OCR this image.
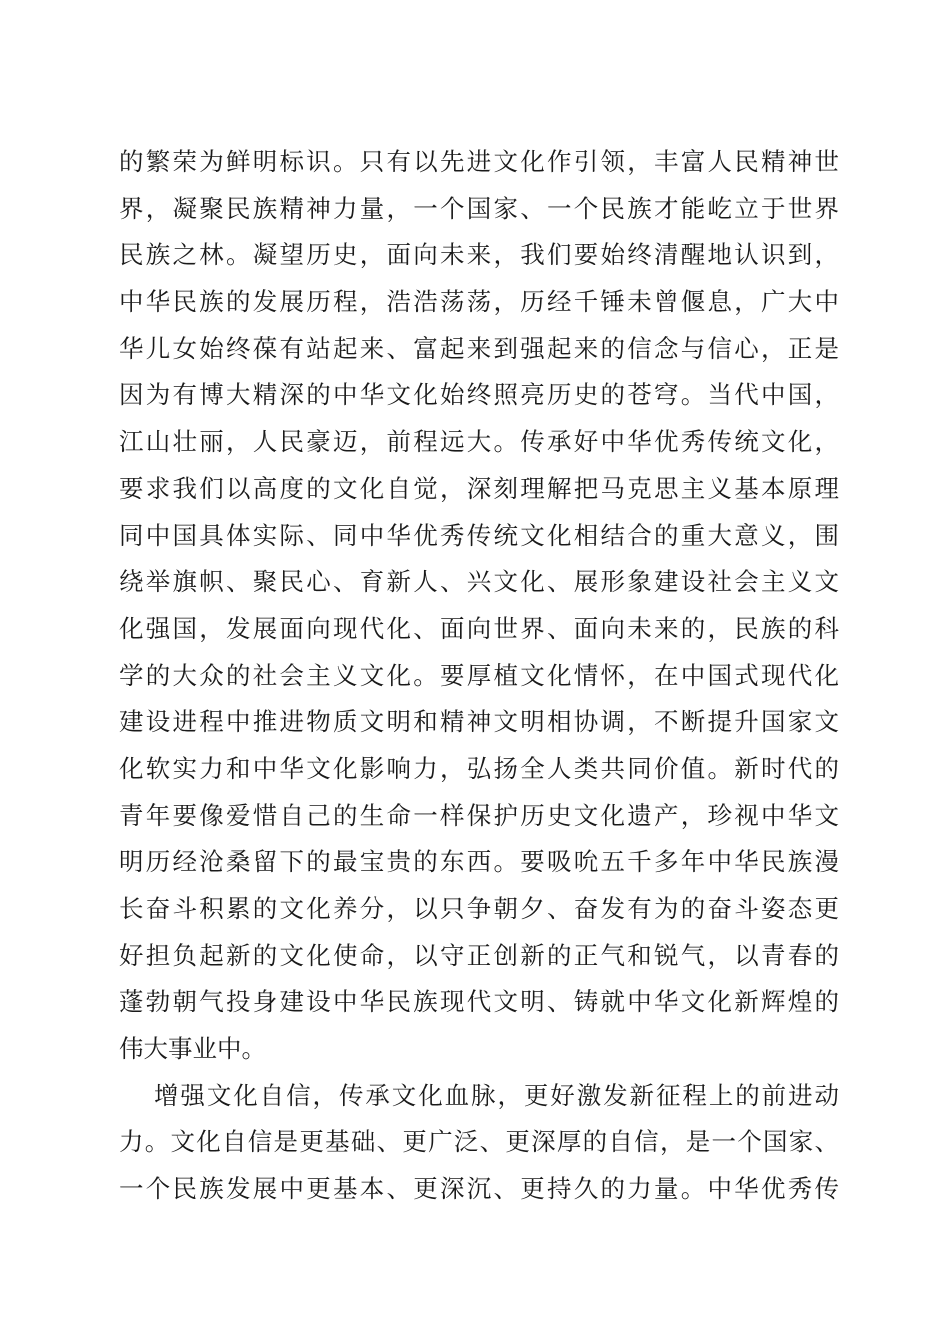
的繁荣为鲜明标识。只有以先进文化作引领，丰富人民精神世
界，凝聚民族精神力量，一个国家、一个民族才能屹立于世界
民族之林。凝望历史，面向未来，我们要始终清醒地认识到，
中华民族的发展历程，浩浩荡荡，历经千锤未曾偃息，广大中
华儿女始终葆有站起来、富起来到强起来的信念与信心，正是
因为有博大精深的中华文化始终照亮历史的苍穹。当代中国，
江山壮丽，人民豪迈，前程远大。传承好中华优秀传统文化，
要求我们以高度的文化自觉，深刻理解把马克思主义基本原理
同中国具体实际、同中华优秀传统文化相结合的重大意义，围
绕举旗帜、聚民心、育新人、兴文化、展形象建设社会主义文
化强国，发展面向现代化、面向世界、面向未来的，民族的科
学的大众的社会主义文化。要厚植文化情怀，在中国式现代化
建设进程中推进物质文明和精神文明相协调，不断提升国家文
化软实力和中华文化影响力，弘扬全人类共同价值。新时代的
青年要像爱惜自己的生命一样保护历史文化遗产，珍视中华文
明历经沧桑留下的最宝贵的东西。要吸吮五千多年中华民族漫
长奋斗积累的文化养分，以只争朝夕、奋发有为的奋斗姿态更
好担负起新的文化使命，以守正创新的正气和锐气，以青春的
蓬勃朝气投身建设中华民族现代文明、铸就中华文化新辉煌的
伟大事业中。
增强文化自信，传承文化血脉，更好激发新征程上的前进动
力。文化自信是更基础、更广泛、更深厚的自信，是一个国家、
一个民族发展中更基本、更深沉、更持久的力量。中华优秀传
